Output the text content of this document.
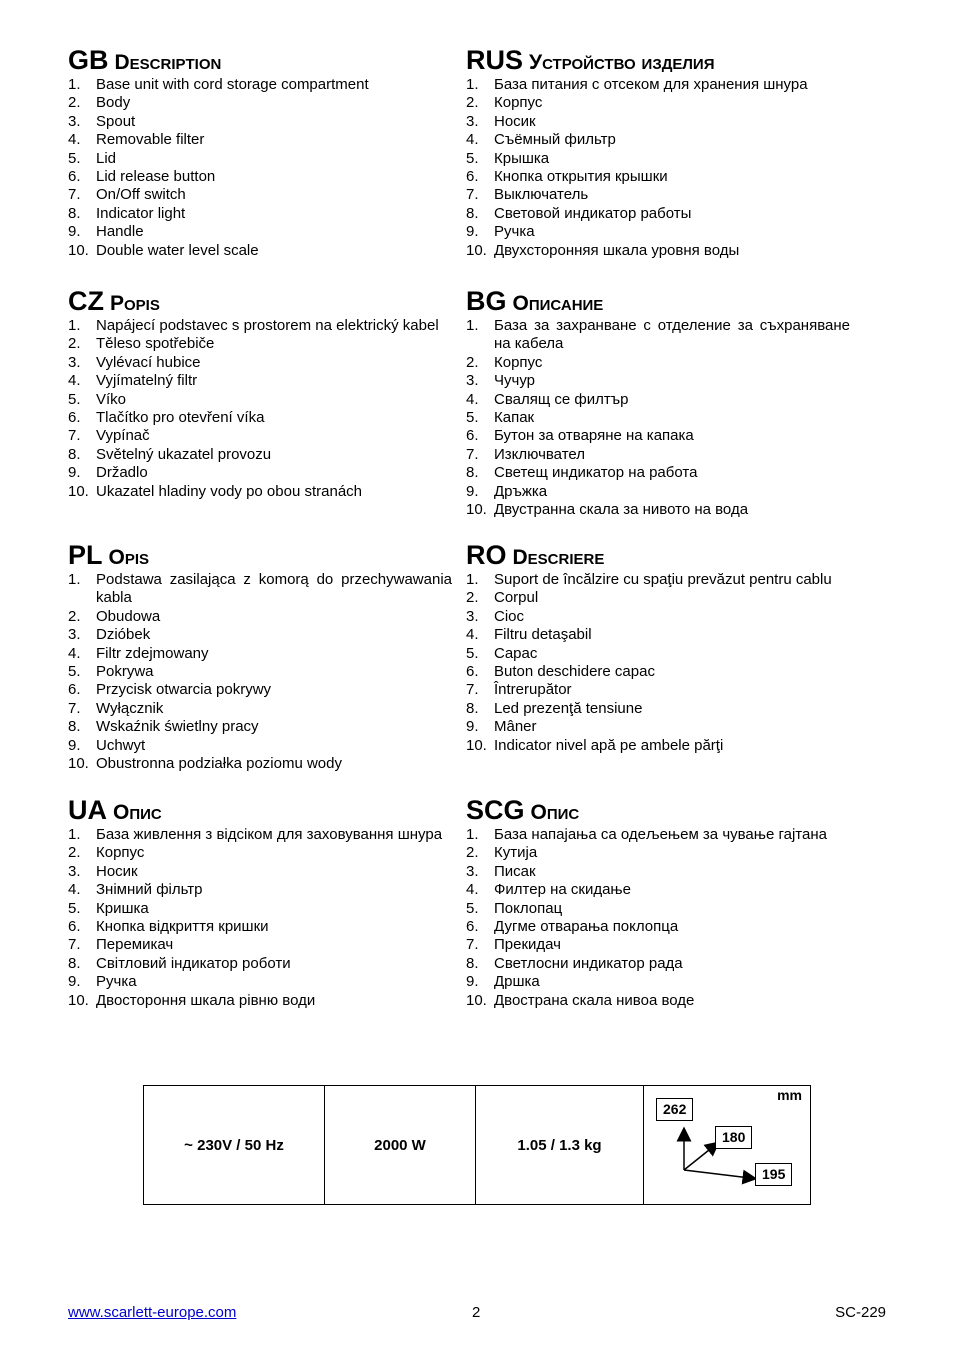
GB Description
1. Base unit with cord storage compartment
2. Body
3. Spout
4. Removable filter
5. Lid
6. Lid release button
7. On/Off switch
8. Indicator light
9. Handle
10. Double water level scale
RUS Устройство изделия
1. База питания с отсеком для хранения шнура
2. Корпус
3. Носик
4. Съёмный фильтр
5. Крышка
6. Кнопка открытия крышки
7. Выключатель
8. Световой индикатор работы
9. Ручка
10. Двухсторонняя шкала уровня воды
CZ Popis
1. Napájecí podstavec s prostorem na elektrický kabel
2. Těleso spotřebiče
3. Vylévací hubice
4. Vyjímatelný filtr
5. Víko
6. Tlačítko pro otevření víka
7. Vypínač
8. Světelný ukazatel provozu
9. Držadlo
10. Ukazatel hladiny vody po obou stranách
BG Описание
1. База за захранване с отделение за съхраняване на кабела
2. Корпус
3. Чучур
4. Свалящ се филтър
5. Капак
6. Бутон за отваряне на капака
7. Изключвател
8. Светещ индикатор на работа
9. Дръжка
10. Двустранна скала за нивото на вода
PL Opis
1. Podstawa zasilająca z komorą do przechywawania kabla
2. Obudowa
3. Dzióbek
4. Filtr zdejmowany
5. Pokrywa
6. Przycisk otwarcia pokrywy
7. Wyłącznik
8. Wskaźnik świetlny pracy
9. Uchwyt
10. Obustronna podziałka poziomu wody
RO Descriere
1. Suport de încălzire cu spaţiu prevăzut pentru cablu
2. Corpul
3. Cioc
4. Filtru detaşabil
5. Capac
6. Buton deschidere capac
7. Întrerupător
8. Led prezenţă tensiune
9. Mâner
10. Indicator nivel apă pe ambele părţi
UA Опис
1. База живлення з відсіком для заховування шнура
2. Корпус
3. Носик
4. Знімний фільтр
5. Кришка
6. Кнопка відкриття кришки
7. Перемикач
8. Світловий індикатор роботи
9. Ручка
10. Двостороння шкала рівню води
SCG Опис
1. База напајања са одељењем за чување гајтана
2. Кутија
3. Писак
4. Филтер на скидање
5. Поклопац
6. Дугме отварања поклопца
7. Прекидач
8. Светлосни индикатор рада
9. Дршка
10. Двострана скала нивоа воде
~ 230V / 50 Hz	2000 W	1.05 / 1.3 kg
mm
262
180
195
www.scarlett-europe.com	2	SC-229
